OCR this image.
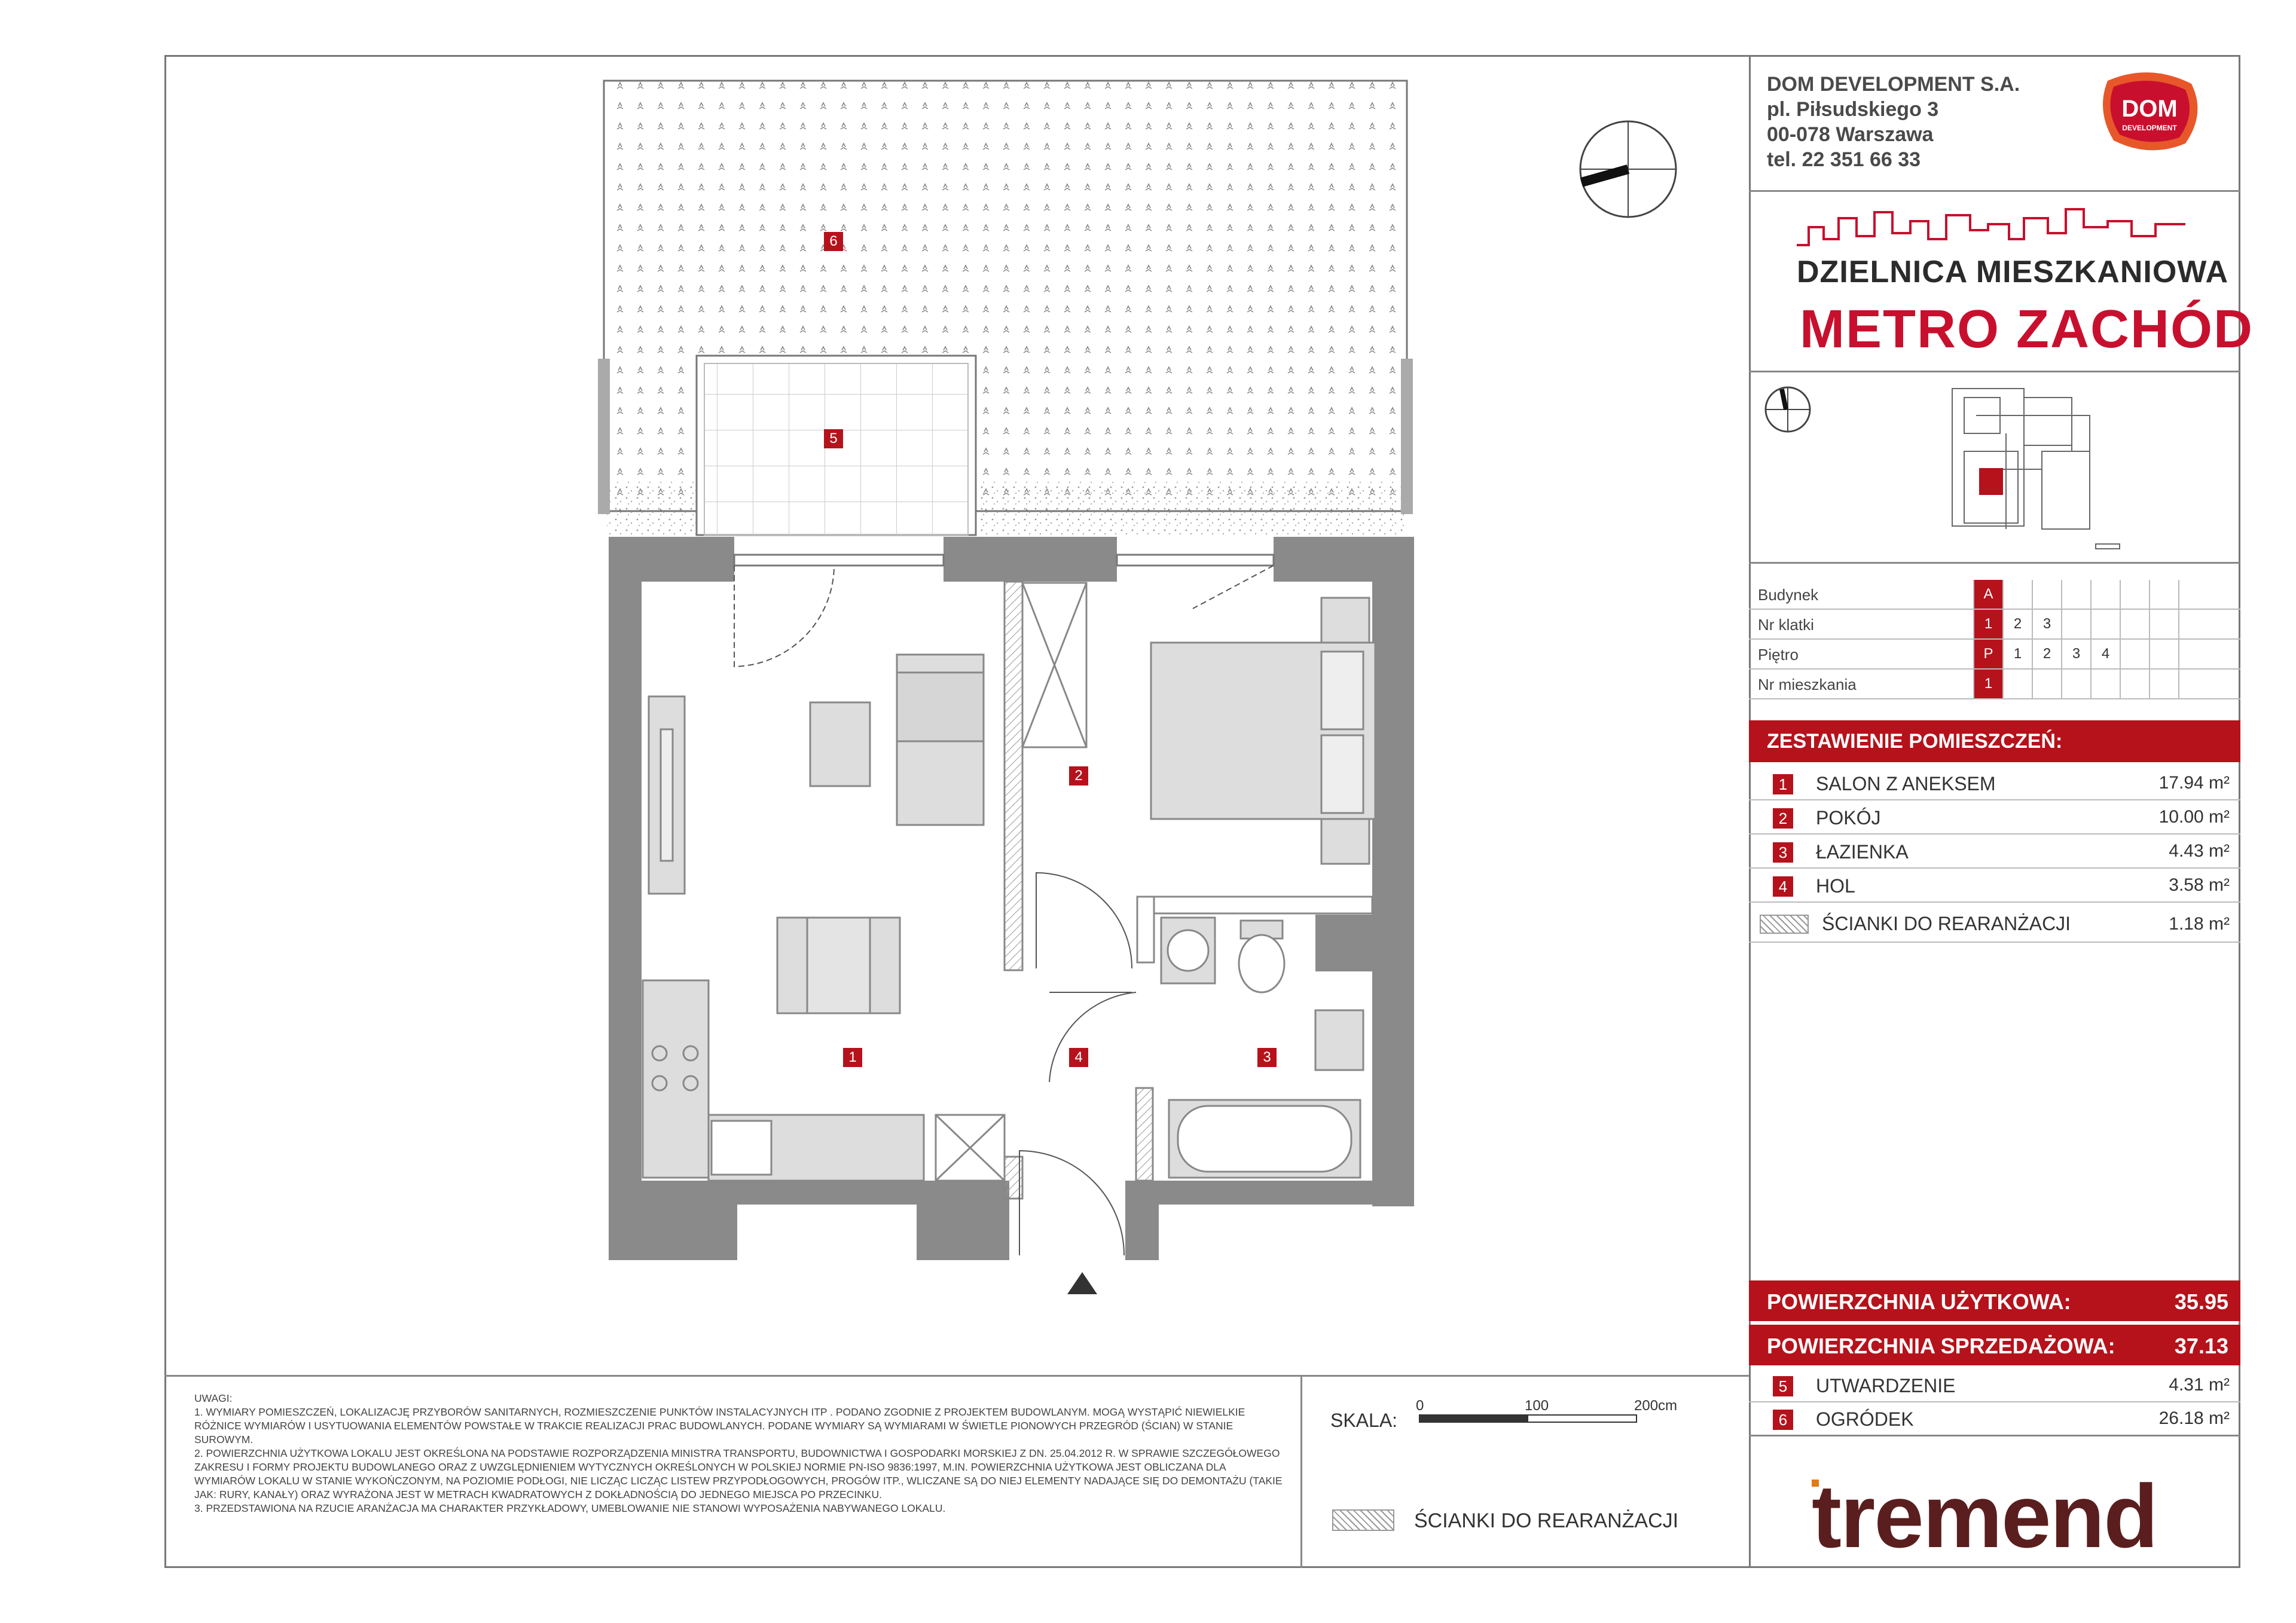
6
5
2
1	4	3
DOM DEVELOPMENT S.A.
pl. Piłsudskiego 3
00-078 Warszawa
tel. 22 351 66 33
DOM
DEVELOPMENT
DZIELNICA MIESZKANIOWA
METRO ZACHÓD
Budynek	A
Nr klatki	1	2	3
Piętro	P	1	2	3	4
Nr mieszkania	1
ZESTAWIENIE POMIESZCZEŃ:
1	SALON Z ANEKSEM	17.94 m²
2	POKÓJ	10.00 m²
3	ŁAZIENKA	4.43 m²
4	HOL	3.58 m²
ŚCIANKI DO REARANŻACJI	1.18 m²
POWIERZCHNIA UŻYTKOWA:	35.95
POWIERZCHNIA SPRZEDAŻOWA:	37.13
5	UTWARDZENIE	4.31 m²
6	OGRÓDEK	26.18 m²

UWAGI:

1. WYMIARY POMIESZCZEŃ, LOKALIZACJĘ PRZYBORÓW SANITARNYCH, ROZMIESZCZENIE PUNKTÓW INSTALACYJNYCH ITP . PODANO ZGODNIE Z PROJEKTEM BUDOWLANYM. MOGĄ WYSTĄPIĆ NIEWIELKIE RÓŻNICE WYMIARÓW I USYTUOWANIA ELEMENTÓW POWSTAŁE W TRAKCIE REALIZACJI PRAC BUDOWLANYCH. PODANE WYMIARY SĄ WYMIARAMI W ŚWIETLE PIONOWYCH PRZEGRÓD (ŚCIAN) W STANIE SUROWYM.

2. POWIERZCHNIA UŻYTKOWA LOKALU JEST OKREŚLONA NA PODSTAWIE ROZPORZĄDZENIA MINISTRA TRANSPORTU, BUDOWNICTWA I GOSPODARKI MORSKIEJ Z DN. 25.04.2012 R. W SPRAWIE SZCZEGÓŁOWEGO ZAKRESU I FORMY PROJEKTU BUDOWLANEGO ORAZ Z UWZGLĘDNIENIEM WYTYCZNYCH OKREŚLONYCH W POLSKIEJ NORMIE PN-ISO 9836:1997, M.IN. POWIERZCHNIA UŻYTKOWA JEST OBLICZANA DLA WYMIARÓW LOKALU W STANIE WYKOŃCZONYM, NA POZIOMIE PODŁOGI, NIE LICZĄC LICZĄC LISTEW PRZYPODŁOGOWYCH, PROGÓW ITP., WLICZANE SĄ DO NIEJ ELEMENTY NADAJĄCE SIĘ DO DEMONTAŻU (TAKIE JAK: RURY, KANAŁY) ORAZ WYRAŻONA JEST W METRACH KWADRATOWYCH Z DOKŁADNOŚCIĄ DO JEDNEGO MIEJSCA PO PRZECINKU.

3. PRZEDSTAWIONA NA RZUCIE ARANŻACJA MA CHARAKTER PRZYKŁADOWY, UMEBLOWANIE NIE STANOWI WYPOSAŻENIA NABYWANEGO LOKALU.

SKALA:
0	100	200cm
ŚCIANKI DO REARANŻACJI tremend
